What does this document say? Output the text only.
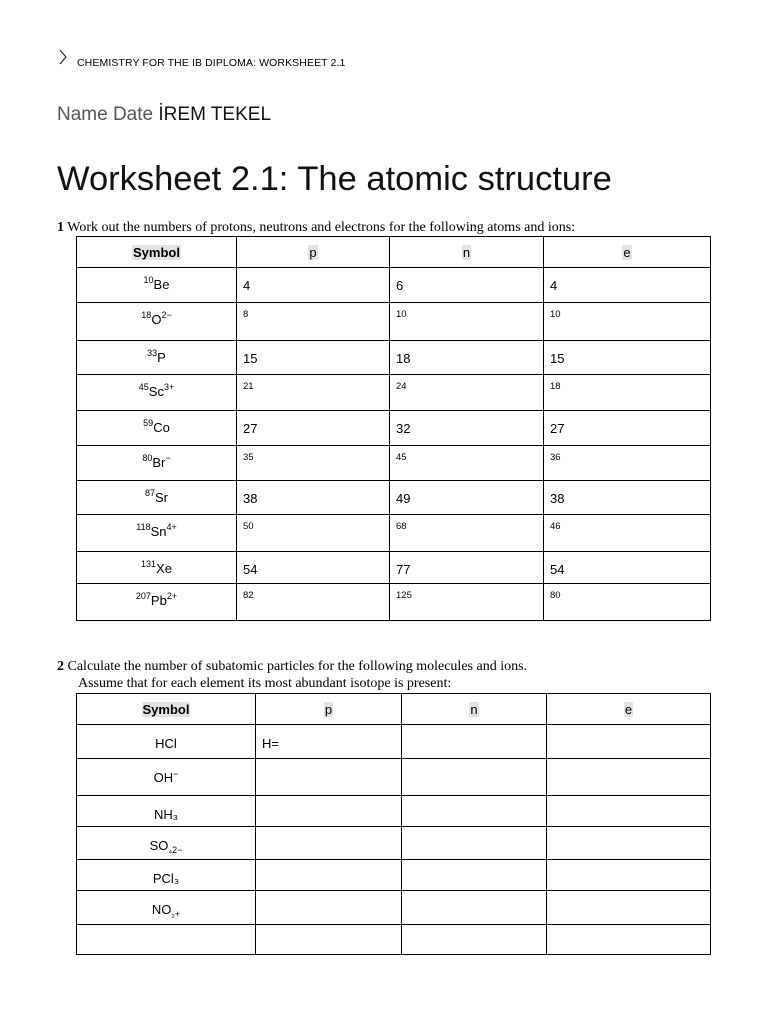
CHEMISTRY FOR THE IB DIPLOMA: WORKSHEET 2.1
Name Date İREM TEKEL
Worksheet 2.1: The atomic structure
1 Work out the numbers of protons, neutrons and electrons for the following atoms and ions:
Symbol	p	n	e
$^{10}$Be	4	6	4
$^{18}O^{2-}$	8	10	10
$^{33}$P	15	18	15
$^{45}Sc^{3+}$	21	24	18
$^{59}$Co	27	32	27
$^{80}$Br−	35	45	36
$^{87}$Sr	38	49	38
$^{118}Sn^{4+}$	50	68	46
$^{131}$Xe	54	77	54
$^{207}Pb^{2+}$	82	125	80
2 Calculate the number of subatomic particles for the following molecules and ions.
Assume that for each element its most abundant isotope is present:
Symbol	p	n	e
HCl	H=		
OH−			
NH₃			
$SO_{_42-}$			
PCl₃			
$NO_{_2+}$			
